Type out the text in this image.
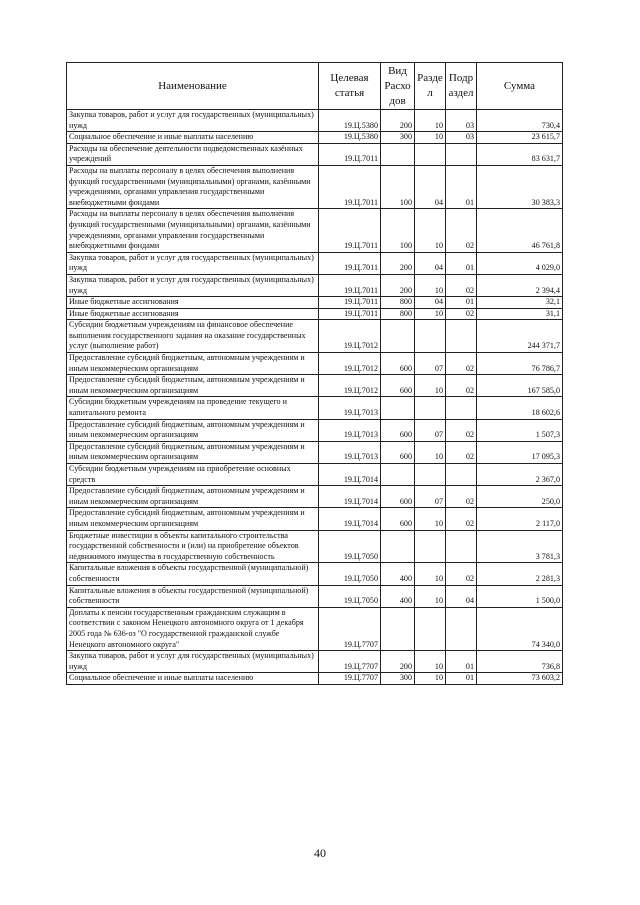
Наименование	Целевая статья	Вид Расхо дов	Разде л	Подр аздел	Сумма
Закупка товаров, работ и услуг для государственных (муниципальных) нужд	19.Ц.5380	200	10	03	730,4
Социальное обеспечение и иные выплаты населению	19.Ц.5380	300	10	03	23 615,7
Расходы на обеспечение деятельности подведомственных казённых учреждений	19.Ц.7011				83 631,7
Расходы на выплаты персоналу в целях обеспечения выполнения функций государственными (муниципальными) органами, казёнными учреждениями, органами управления государственными внебюджетными фондами	19.Ц.7011	100	04	01	30 383,3
Расходы на выплаты персоналу в целях обеспечения выполнения функций государственными (муниципальными) органами, казёнными учреждениями, органами управления государственными внебюджетными фондами	19.Ц.7011	100	10	02	46 761,8
Закупка товаров, работ и услуг для государственных (муниципальных) нужд	19.Ц.7011	200	04	01	4 029,0
Закупка товаров, работ и услуг для государственных (муниципальных) нужд	19.Ц.7011	200	10	02	2 394,4
Иные бюджетные ассигнования	19.Ц.7011	800	04	01	32,1
Иные бюджетные ассигнования	19.Ц.7011	800	10	02	31,1
Субсидии бюджетным учреждениям на финансовое обеспечение выполнения государственного задания на оказание государственных услуг (выполнение работ)	19.Ц.7012				244 371,7
Предоставление субсидий бюджетным, автономным учреждениям и иным некоммерческим организациям	19.Ц.7012	600	07	02	76 786,7
Предоставление субсидий бюджетным, автономным учреждениям и иным некоммерческим организациям	19.Ц.7012	600	10	02	167 585,0
Субсидии бюджетным учреждениям на проведение текущего и капитального ремонта	19.Ц.7013				18 602,6
Предоставление субсидий бюджетным, автономным учреждениям и иным некоммерческим организациям	19.Ц.7013	600	07	02	1 507,3
Предоставление субсидий бюджетным, автономным учреждениям и иным некоммерческим организациям	19.Ц.7013	600	10	02	17 095,3
Субсидии бюджетным учреждениям на приобретение основных средств	19.Ц.7014				2 367,0
Предоставление субсидий бюджетным, автономным учреждениям и иным некоммерческим организациям	19.Ц.7014	600	07	02	250,0
Предоставление субсидий бюджетным, автономным учреждениям и иным некоммерческим организациям	19.Ц.7014	600	10	02	2 117,0
Бюджетные инвестиции в объекты капитального строительства государственной собственности и (или) на приобретение объектов недвижимого имущества в государственную собственность	19.Ц.7050				3 781,3
Капитальные вложения в объекты государственной (муниципальной) собственности	19.Ц.7050	400	10	02	2 281,3
Капитальные вложения в объекты государственной (муниципальной) собственности	19.Ц.7050	400	10	04	1 500,0
Доплаты к пенсии государственным гражданским служащим в соответствии с законом Ненецкого автономного округа от 1 декабря 2005 года № 636-оз "О государственной гражданской службе Ненецкого автономного округа"	19.Ц.7707				74 340,0
Закупка товаров, работ и услуг для государственных (муниципальных) нужд	19.Ц.7707	200	10	01	736,8
Социальное обеспечение и иные выплаты населению	19.Ц.7707	300	10	01	73 603,2
40
